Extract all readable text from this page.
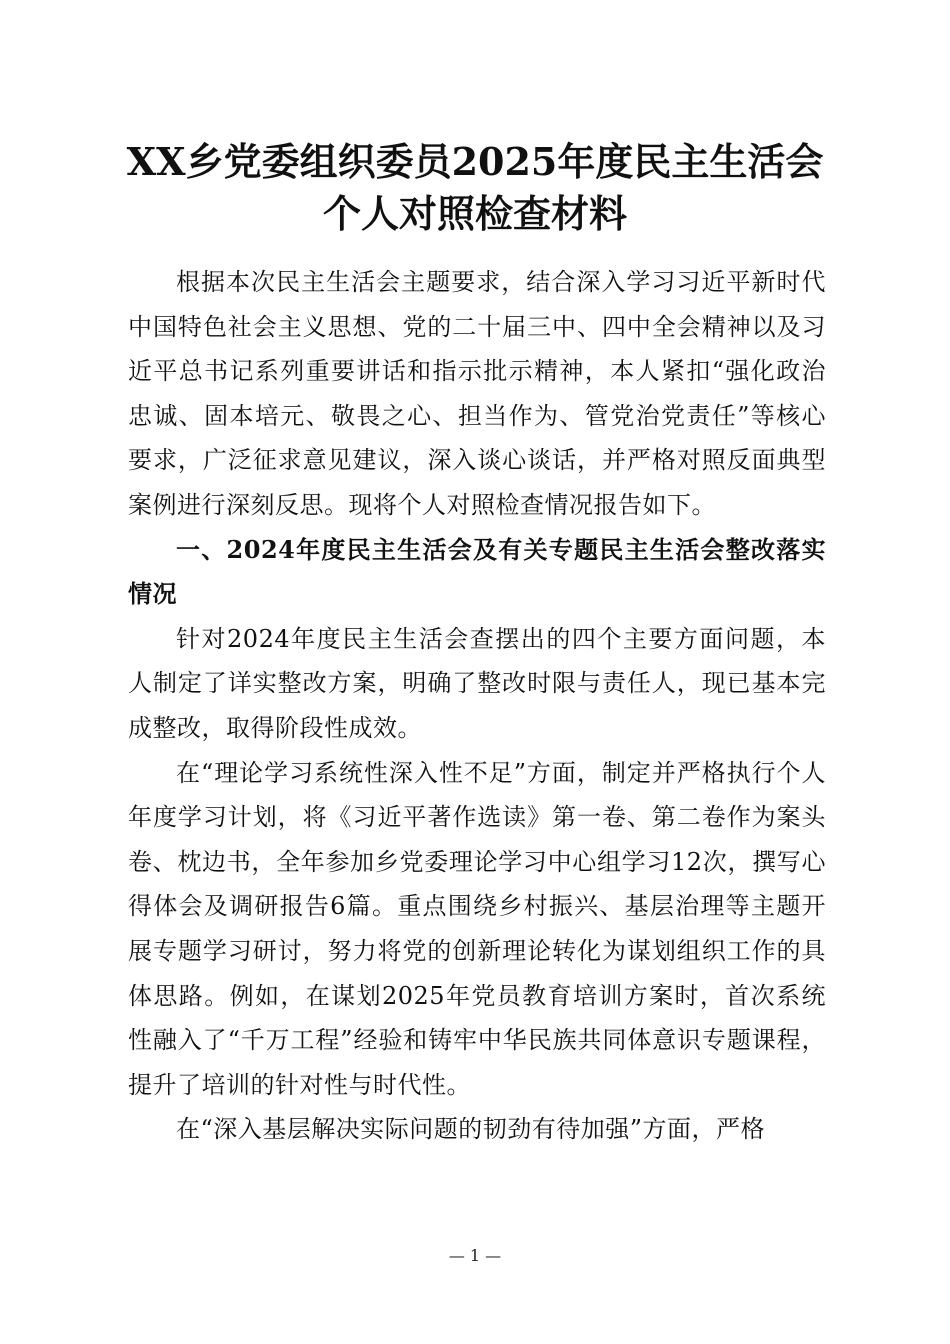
XX乡党委组织委员2025年度民主生活会
个人对照检查材料

根据本次民主生活会主题要求，结合深入学习习近平新时代中国特色社会主义思想、党的二十届三中、四中全会精神以及习近平总书记系列重要讲话和指示批示精神，本人紧扣“强化政治忠诚、固本培元、敬畏之心、担当作为、管党治党责任”等核心要求，广泛征求意见建议，深入谈心谈话，并严格对照反面典型案例进行深刻反思。现将个人对照检查情况报告如下。

一、2024年度民主生活会及有关专题民主生活会整改落实情况

针对2024年度民主生活会查摆出的四个主要方面问题，本人制定了详实整改方案，明确了整改时限与责任人，现已基本完成整改，取得阶段性成效。

在“理论学习系统性深入性不足”方面，制定并严格执行个人年度学习计划，将《习近平著作选读》第一卷、第二卷作为案头卷、枕边书，全年参加乡党委理论学习中心组学习12次，撰写心得体会及调研报告6篇。重点围绕乡村振兴、基层治理等主题开展专题学习研讨，努力将党的创新理论转化为谋划组织工作的具体思路。例如，在谋划2025年党员教育培训方案时，首次系统性融入了“千万工程”经验和铸牢中华民族共同体意识专题课程，提升了培训的针对性与时代性。

在“深入基层解决实际问题的韧劲有待加强”方面，严格

— 1 —
